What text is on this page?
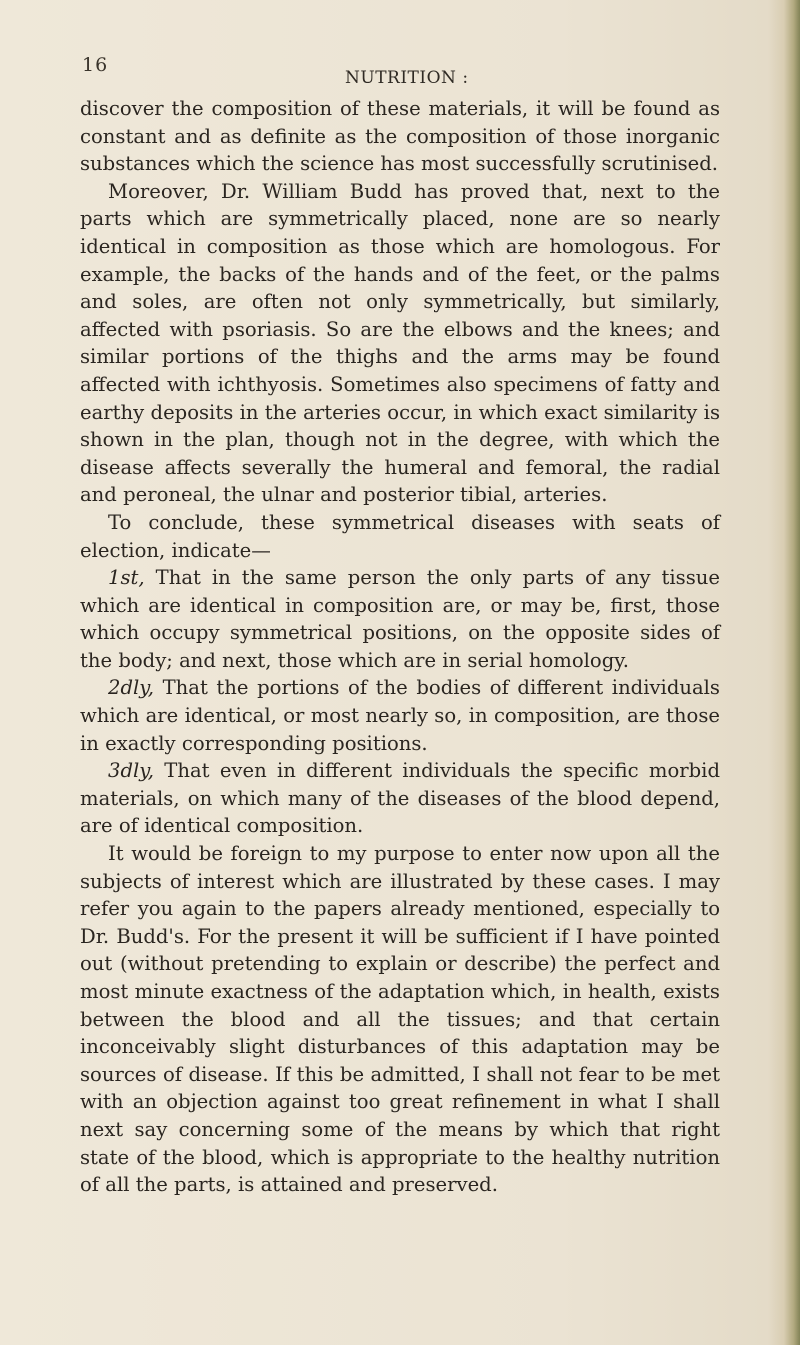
16
NUTRITION :

discover the composition of these materials, it will be found as constant and as definite as the composition of those inorganic substances which the science has most successfully scrutinised.

Moreover, Dr. William Budd has proved that, next to the parts which are symmetrically placed, none are so nearly identical in composition as those which are homologous. For example, the backs of the hands and of the feet, or the palms and soles, are often not only symmetrically, but similarly, affected with psoriasis. So are the elbows and the knees; and similar portions of the thighs and the arms may be found affected with ichthyosis. Sometimes also specimens of fatty and earthy deposits in the arteries occur, in which exact similarity is shown in the plan, though not in the degree, with which the disease affects severally the humeral and femoral, the radial and peroneal, the ulnar and posterior tibial, arteries.

To conclude, these symmetrical diseases with seats of election, indicate—

1st, That in the same person the only parts of any tissue which are identical in composition are, or may be, first, those which occupy symmetrical positions, on the opposite sides of the body; and next, those which are in serial homology.

2dly, That the portions of the bodies of different individuals which are identical, or most nearly so, in composition, are those in exactly corresponding positions.

3dly, That even in different individuals the specific morbid materials, on which many of the diseases of the blood depend, are of identical composition.

It would be foreign to my purpose to enter now upon all the subjects of interest which are illustrated by these cases. I may refer you again to the papers already mentioned, especially to Dr. Budd's. For the present it will be sufficient if I have pointed out (without pretending to explain or describe) the perfect and most minute exactness of the adaptation which, in health, exists between the blood and all the tissues; and that certain inconceivably slight disturbances of this adaptation may be sources of disease. If this be admitted, I shall not fear to be met with an objection against too great refinement in what I shall next say concerning some of the means by which that right state of the blood, which is appropriate to the healthy nutrition of all the parts, is attained and preserved.
